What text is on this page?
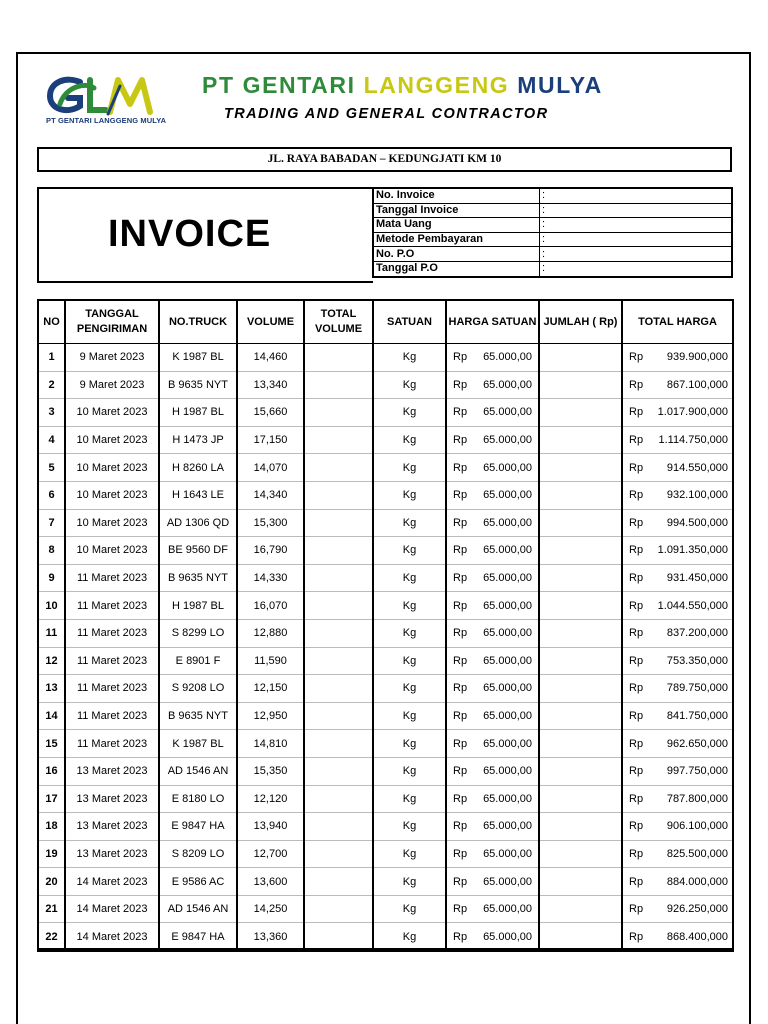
PT GENTARI LANGGENG MULYA
PT GENTARI LANGGENG MULYA
TRADING AND GENERAL CONTRACTOR
JL. RAYA BABADAN – KEDUNGJATI KM 10
INVOICE
No. Invoice	:
Tanggal Invoice	:
Mata Uang	:
Metode Pembayaran	:
No. P.O	:
Tanggal P.O	:
NO	TANGGAL PENGIRIMAN	NO.TRUCK	VOLUME	TOTAL VOLUME	SATUAN	HARGA SATUAN	JUMLAH ( Rp)	TOTAL HARGA
1	9 Maret 2023	K 1987 BL	14,460		Kg	Rp 65.000,00		Rp 939.900,000

2	9 Maret 2023	B 9635 NYT	13,340		Kg	Rp 65.000,00		Rp 867.100,000

3	10 Maret 2023	H 1987 BL	15,660		Kg	Rp 65.000,00		Rp 1.017.900,000

4	10 Maret 2023	H 1473 JP	17,150		Kg	Rp 65.000,00		Rp 1.114.750,000

5	10 Maret 2023	H 8260 LA	14,070		Kg	Rp 65.000,00		Rp 914.550,000

6	10 Maret 2023	H 1643 LE	14,340		Kg	Rp 65.000,00		Rp 932.100,000

7	10 Maret 2023	AD 1306 QD	15,300		Kg	Rp 65.000,00		Rp 994.500,000

8	10 Maret 2023	BE 9560 DF	16,790		Kg	Rp 65.000,00		Rp 1.091.350,000

9	11 Maret 2023	B 9635 NYT	14,330		Kg	Rp 65.000,00		Rp 931.450,000

10	11 Maret 2023	H 1987 BL	16,070		Kg	Rp 65.000,00		Rp 1.044.550,000

11	11 Maret 2023	S 8299 LO	12,880		Kg	Rp 65.000,00		Rp 837.200,000

12	11 Maret 2023	E 8901 F	11,590		Kg	Rp 65.000,00		Rp 753.350,000

13	11 Maret 2023	S 9208 LO	12,150		Kg	Rp 65.000,00		Rp 789.750,000

14	11 Maret 2023	B 9635 NYT	12,950		Kg	Rp 65.000,00		Rp 841.750,000

15	11 Maret 2023	K 1987 BL	14,810		Kg	Rp 65.000,00		Rp 962.650,000

16	13 Maret 2023	AD 1546 AN	15,350		Kg	Rp 65.000,00		Rp 997.750,000

17	13 Maret 2023	E 8180 LO	12,120		Kg	Rp 65.000,00		Rp 787.800,000

18	13 Maret 2023	E 9847 HA	13,940		Kg	Rp 65.000,00		Rp 906.100,000

19	13 Maret 2023	S 8209 LO	12,700		Kg	Rp 65.000,00		Rp 825.500,000

20	14 Maret 2023	E 9586 AC	13,600		Kg	Rp 65.000,00		Rp 884.000,000

21	14 Maret 2023	AD 1546 AN	14,250		Kg	Rp 65.000,00		Rp 926.250,000

22	14 Maret 2023	E 9847 HA	13,360		Kg	Rp 65.000,00		Rp 868.400,000
